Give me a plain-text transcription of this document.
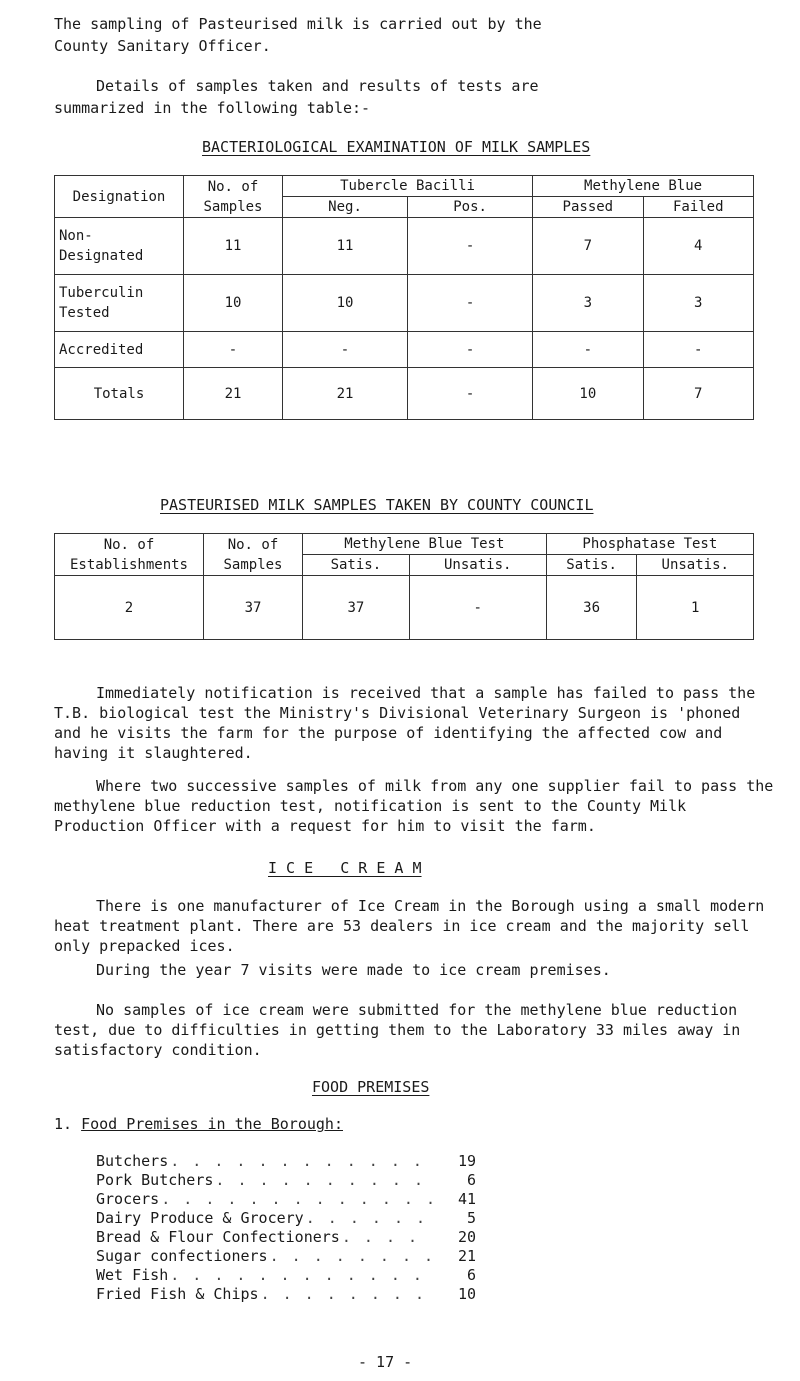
The sampling of Pasteurised milk is carried out by the
County Sanitary Officer.
Details of samples taken and results of tests are
summarized in the following table:-
BACTERIOLOGICAL EXAMINATION OF MILK SAMPLES
Designation	No. of Samples	Tubercle Bacilli		Methylene Blue	
		Neg.	Pos.	Passed	Failed
Non-
Designated	11	11	-	7	4
Tuberculin
Tested	10	10	-	3	3
Accredited	-	-	-	-	-
Totals	21	21	-	10	7
PASTEURISED MILK SAMPLES TAKEN BY COUNTY COUNCIL
No. of Establishments	No. of Samples	Methylene Blue Test		Phosphatase Test	
		Satis.	Unsatis.	Satis.	Unsatis.
2	37	37	-	36	1
Immediately notification is received that a sample has failed to pass the T.B. biological test the Ministry's Divisional Veterinary Surgeon is 'phoned and he visits the farm for the purpose of identifying the affected cow and having it slaughtered.
Where two successive samples of milk from any one supplier fail to pass the methylene blue reduction test, notification is sent to the County Milk Production Officer with a request for him to visit the farm.
I C E   C R E A M
There is one manufacturer of Ice Cream in the Borough using a small modern heat treatment plant. There are 53 dealers in ice cream and the majority sell only prepacked ices.
During the year 7 visits were made to ice cream premises.
No samples of ice cream were submitted for the methylene blue reduction test, due to difficulties in getting them to the Laboratory 33 miles away in satisfactory condition.
FOOD PREMISES
1. Food Premises in the Borough:
Butchers . . . . . . . . . . . .	19
Pork Butchers . . . . . . . . . .	6
Grocers . . . . . . . . . . . . .	41
Dairy Produce & Grocery . . . . . .	5
Bread & Flour Confectioners . . . .	20
Sugar confectioners . . . . . . . .	21
Wet Fish . . . . . . . . . . . .	6
Fried Fish & Chips . . . . . . . .	10
- 17 -
